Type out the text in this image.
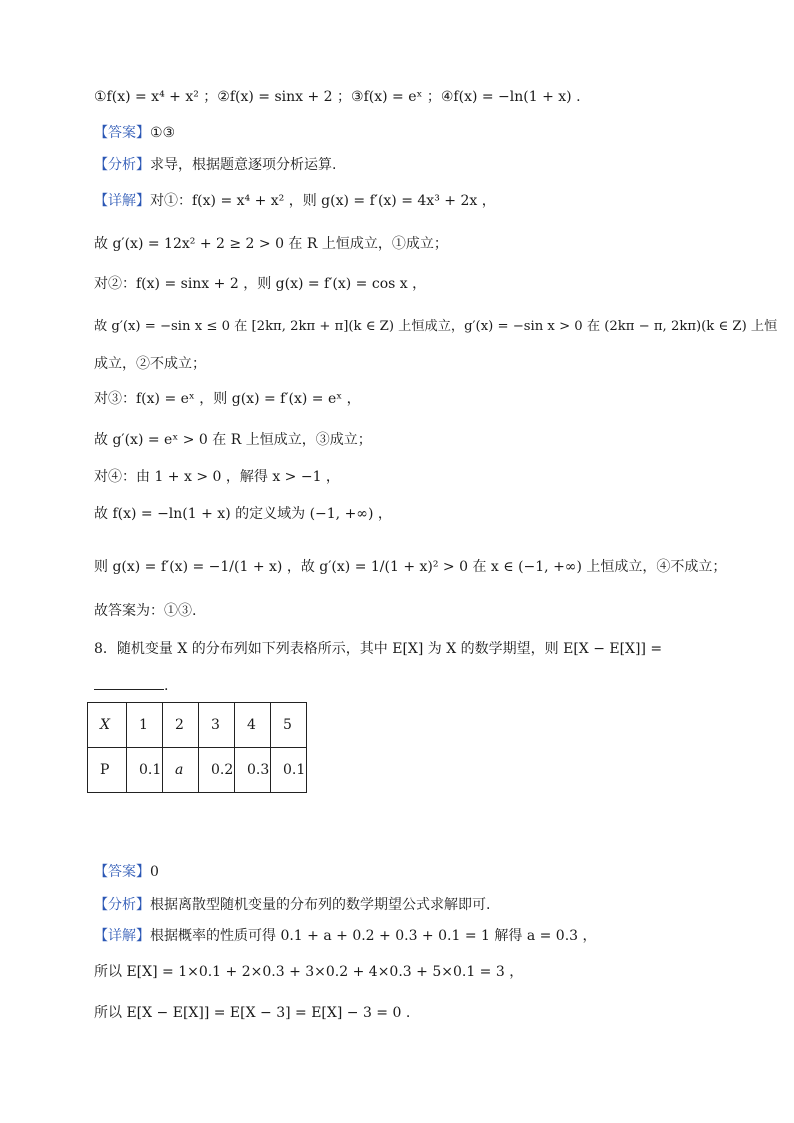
①f(x) = x⁴ + x² ；②f(x) = sinx + 2 ；③f(x) = eˣ ；④f(x) = −ln(1 + x) .
【答案】①③
【分析】求导，根据题意逐项分析运算.
【详解】对①：f(x) = x⁴ + x² ，则 g(x) = f′(x) = 4x³ + 2x ，
故 g′(x) = 12x² + 2 ≥ 2 > 0 在 R 上恒成立，①成立；
对②：f(x) = sinx + 2 ，则 g(x) = f′(x) = cos x ，
故 g′(x) = −sin x ≤ 0 在 [2kπ, 2kπ + π](k ∈ Z) 上恒成立，g′(x) = −sin x > 0 在 (2kπ − π, 2kπ)(k ∈ Z) 上恒
成立，②不成立；
对③：f(x) = eˣ ，则 g(x) = f′(x) = eˣ ，
故 g′(x) = eˣ > 0 在 R 上恒成立，③成立；
对④：由 1 + x > 0 ，解得 x > −1 ，
故 f(x) = −ln(1 + x) 的定义域为 (−1, +∞) ，
则 g(x) = f′(x) = −1/(1 + x) ，故 g′(x) = 1/(1 + x)² > 0 在 x ∈ (−1, +∞) 上恒成立，④不成立；
故答案为：①③.
8．随机变量 X 的分布列如下列表格所示，其中 E[X] 为 X 的数学期望，则 E[X − E[X]] =
.
X	1	2	3	4	5
P	0.1	a	0.2	0.3	0.1
【答案】0
【分析】根据离散型随机变量的分布列的数学期望公式求解即可.
【详解】根据概率的性质可得 0.1 + a + 0.2 + 0.3 + 0.1 = 1 解得 a = 0.3 ，
所以 E[X] = 1×0.1 + 2×0.3 + 3×0.2 + 4×0.3 + 5×0.1 = 3 ，
所以 E[X − E[X]] = E[X − 3] = E[X] − 3 = 0 .
